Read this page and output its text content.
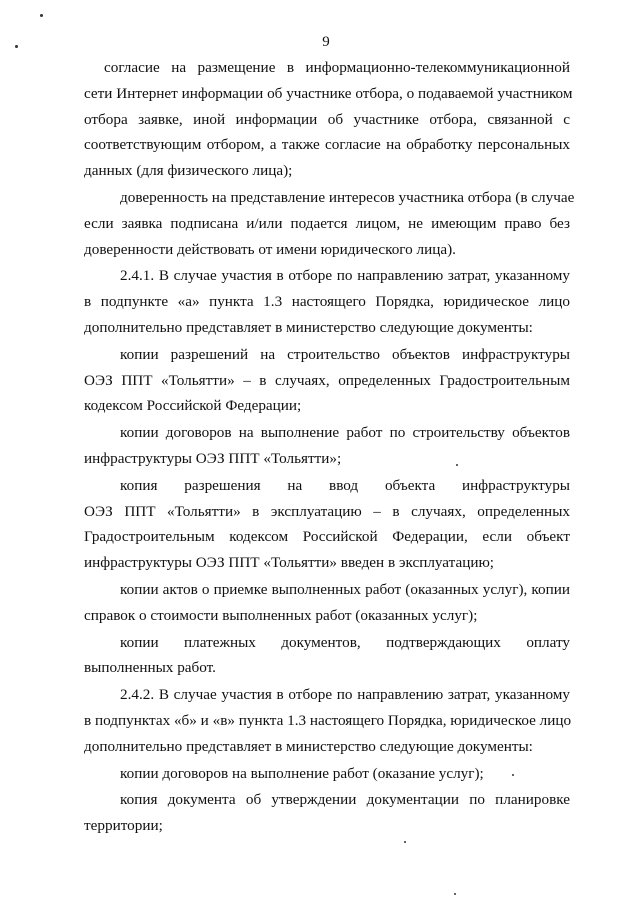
9

согласие на размещение в информационно-телекоммуникационной
сети Интернет информации об участнике отбора, о подаваемой участником
отбора заявке, иной информации об участнике отбора, связанной с
соответствующим отбором, а также согласие на обработку персональных
данных (для физического лица);

доверенность на представление интересов участника отбора (в случае
если заявка подписана и/или подается лицом, не имеющим право без
доверенности действовать от имени юридического лица).

2.4.1. В случае участия в отборе по направлению затрат, указанному
в подпункте «а» пункта 1.3 настоящего Порядка, юридическое лицо
дополнительно представляет в министерство следующие документы:

копии разрешений на строительство объектов инфраструктуры
ОЭЗ ППТ «Тольятти» – в случаях, определенных Градостроительным
кодексом Российской Федерации;

копии договоров на выполнение работ по строительству объектов
инфраструктуры ОЭЗ ППТ «Тольятти»;

копия разрешения на ввод объекта инфраструктуры
ОЭЗ ППТ «Тольятти» в эксплуатацию – в случаях, определенных
Градостроительным кодексом Российской Федерации, если объект
инфраструктуры ОЭЗ ППТ «Тольятти» введен в эксплуатацию;

копии актов о приемке выполненных работ (оказанных услуг), копии
справок о стоимости выполненных работ (оказанных услуг);

копии платежных документов, подтверждающих оплату
выполненных работ.

2.4.2. В случае участия в отборе по направлению затрат, указанному
в подпунктах «б» и «в» пункта 1.3 настоящего Порядка, юридическое лицо
дополнительно представляет в министерство следующие документы:

копии договоров на выполнение работ (оказание услуг);

копия документа об утверждении документации по планировке
территории;
